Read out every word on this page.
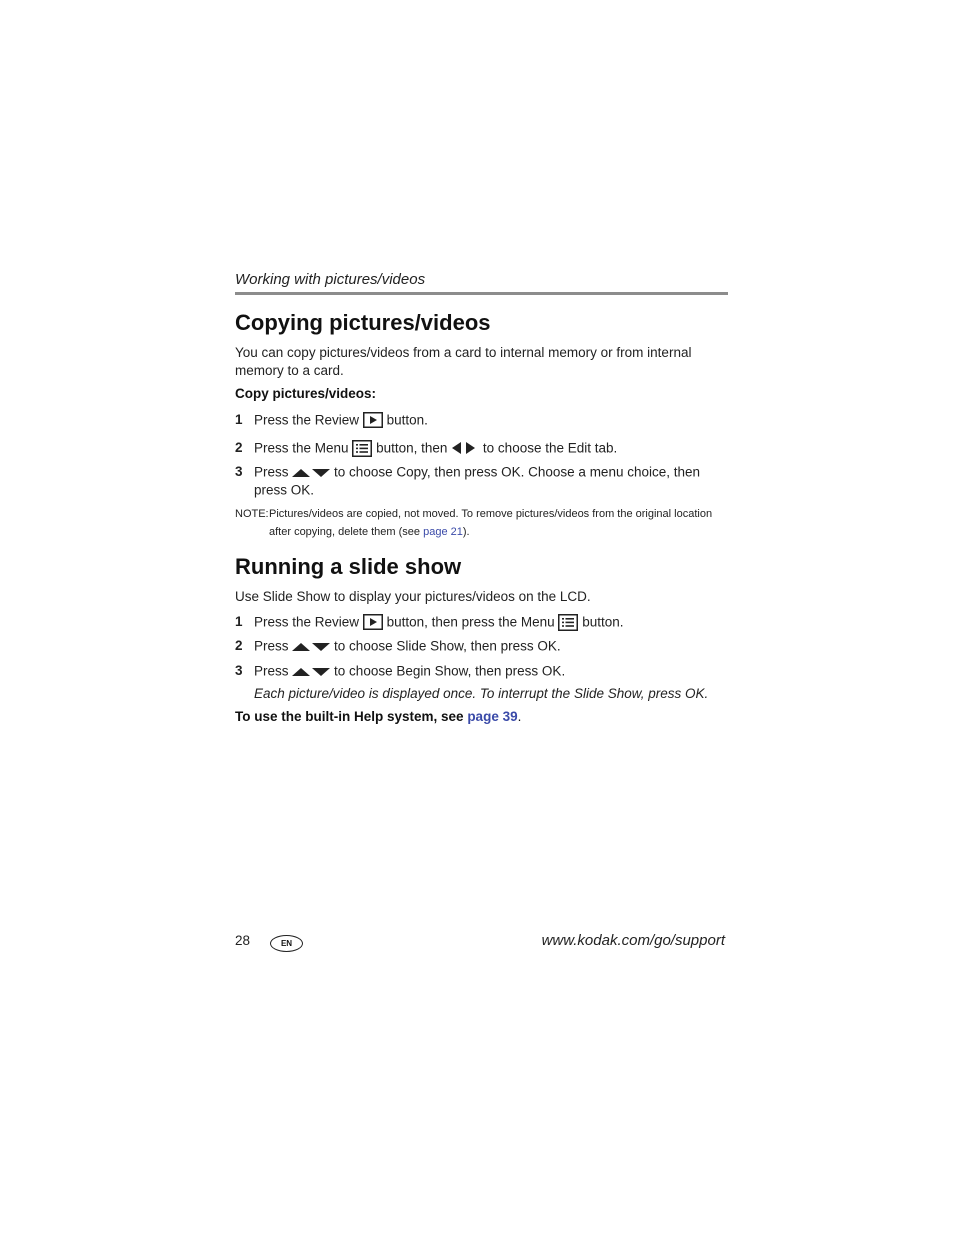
Working with pictures/videos
Copying pictures/videos
You can copy pictures/videos from a card to internal memory or from internal memory to a card.
Copy pictures/videos:
1 Press the Review button.
2 Press the Menu button, then	to choose the Edit tab.
3 Press	to choose Copy, then press OK. Choose a menu choice, then press OK.
NOTE: Pictures/videos are copied, not moved. To remove pictures/videos from the original location after copying, delete them (see page 21).
Running a slide show
Use Slide Show to display your pictures/videos on the LCD.
1 Press the Review button, then press the Menu button.
2 Press	to choose Slide Show, then press OK.
3 Press	to choose Begin Show, then press OK.
Each picture/video is displayed once. To interrupt the Slide Show, press OK.
To use the built-in Help system, see page 39.
28	EN	www.kodak.com/go/support
